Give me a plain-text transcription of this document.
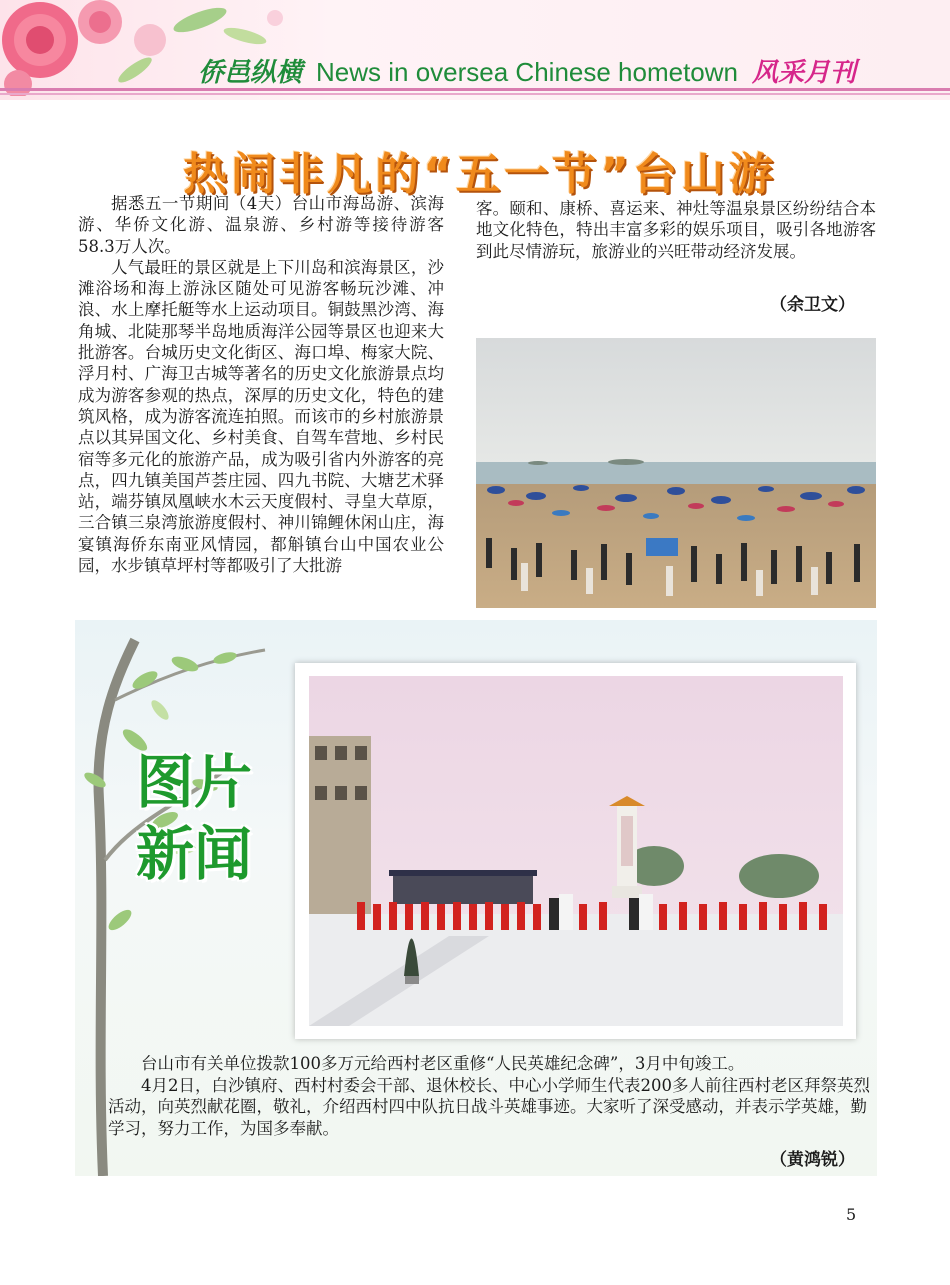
侨邑纵横 News in oversea Chinese hometown 风采月刊
热闹非凡的“五一节”台山游

据悉五一节期间（4天）台山市海岛游、滨海游、华侨文化游、温泉游、乡村游等接待游客58.3万人次。

人气最旺的景区就是上下川岛和滨海景区，沙滩浴场和海上游泳区随处可见游客畅玩沙滩、冲浪、水上摩托艇等水上运动项目。铜鼓黑沙湾、海角城、北陡那琴半岛地质海洋公园等景区也迎来大批游客。台城历史文化街区、海口埠、梅家大院、浮月村、广海卫古城等著名的历史文化旅游景点均成为游客参观的热点，深厚的历史文化，特色的建筑风格，成为游客流连拍照。而该市的乡村旅游景点以其异国文化、乡村美食、自驾车营地、乡村民宿等多元化的旅游产品，成为吸引省内外游客的亮点，四九镇美国芦荟庄园、四九书院、大塘艺术驿站，端芬镇凤凰峡水木云天度假村、寻皇大草原，三合镇三泉湾旅游度假村、神川锦鲤休闲山庄，海宴镇海侨东南亚风情园，都斛镇台山中国农业公园，水步镇草坪村等都吸引了大批游

客。颐和、康桥、喜运来、神灶等温泉景区纷纷结合本地文化特色，特出丰富多彩的娱乐项目，吸引各地游客到此尽情游玩，旅游业的兴旺带动经济发展。

（余卫文）
图片
新闻

台山市有关单位拨款100多万元给西村老区重修“人民英雄纪念碑”，3月中旬竣工。

4月2日，白沙镇府、西村村委会干部、退休校长、中心小学师生代表200多人前往西村老区拜祭英烈活动，向英烈献花圈，敬礼，介绍西村四中队抗日战斗英雄事迹。大家听了深受感动，并表示学英雄，勤学习，努力工作，为国多奉献。

（黄鸿锐）
5
